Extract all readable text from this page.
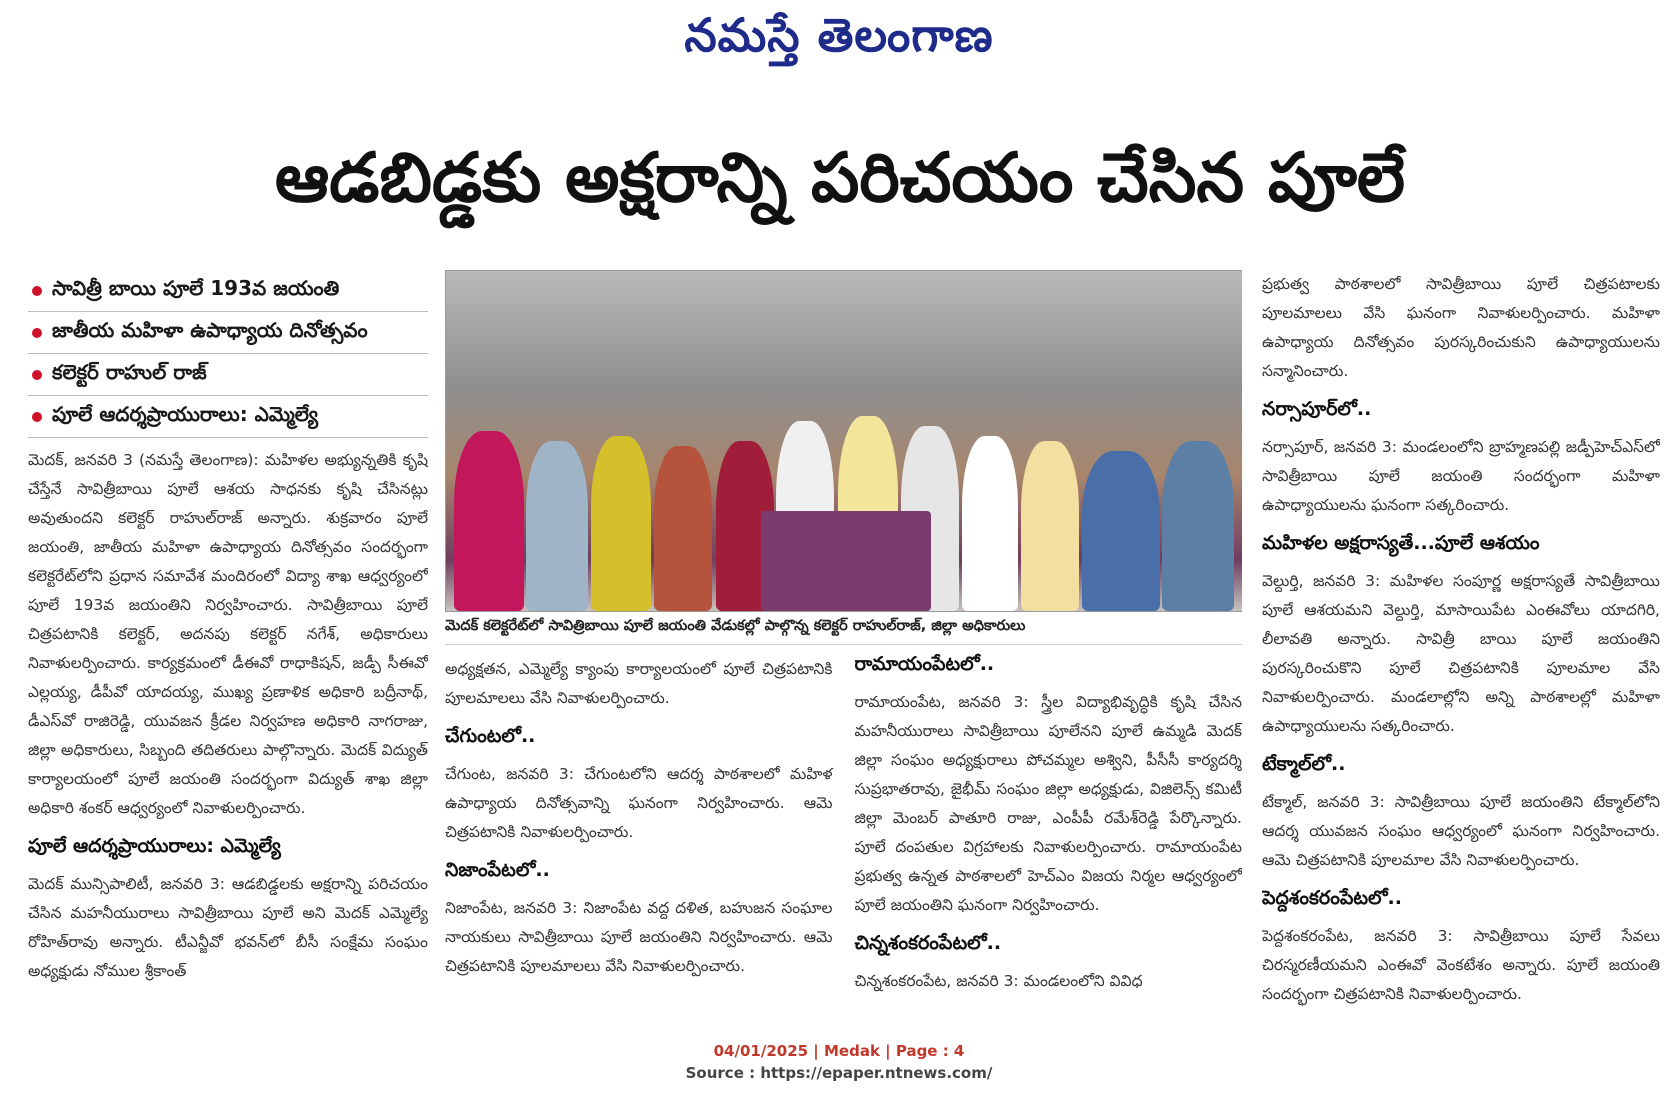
నమస్తే తెలంగాణ
ఆడబిడ్డకు అక్షరాన్ని పరిచయం చేసిన పూలే
సావిత్రీ బాయి పూలే 193వ జయంతి
జాతీయ మహిళా ఉపాధ్యాయ దినోత్సవం
కలెక్టర్ రాహుల్ రాజ్
పూలే ఆదర్శప్రాయురాలు: ఎమ్మెల్యే

మెదక్, జనవరి 3 (నమస్తే తెలంగాణ): మహిళల అభ్యున్నతికి కృషి చేస్తేనే సావిత్రీబాయి పూలే ఆశయ సాధనకు కృషి చేసినట్లు అవుతుందని కలెక్టర్ రాహుల్‌రాజ్ అన్నారు. శుక్రవారం పూలే జయంతి, జాతీయ మహిళా ఉపాధ్యాయ దినోత్సవం సందర్భంగా కలెక్టరేట్‌లోని ప్రధాన సమావేశ మందిరంలో విద్యా శాఖ ఆధ్వర్యంలో పూలే 193వ జయంతిని నిర్వహించారు. సావిత్రీబాయి పూలే చిత్రపటానికి కలెక్టర్, అదనపు కలెక్టర్ నగేశ్, అధికారులు నివాళులర్పించారు. కార్యక్రమంలో డీఈవో రాధాకిషన్, జడ్పీ సీఈవో ఎల్లయ్య, డీపీవో యాదయ్య, ముఖ్య ప్రణాళిక అధికారి బద్రీనాథ్, డీఎస్‌వో రాజిరెడ్డి, యువజన క్రీడల నిర్వహణ అధికారి నాగరాజు, జిల్లా అధికారులు, సిబ్బంది తదితరులు పాల్గొన్నారు. మెదక్ విద్యుత్ కార్యాలయంలో పూలే జయంతి సందర్భంగా విద్యుత్ శాఖ జిల్లా అధికారి శంకర్ ఆధ్వర్యంలో నివాళులర్పించారు.

పూలే ఆదర్శప్రాయురాలు: ఎమ్మెల్యే

మెదక్ మున్సిపాలిటీ, జనవరి 3: ఆడబిడ్డలకు అక్షరాన్ని పరిచయం చేసిన మహనీయురాలు సావిత్రీబాయి పూలే అని మెదక్ ఎమ్మెల్యే రోహిత్‌రావు అన్నారు. టీఎన్జీవో భవన్‌లో బీసీ సంక్షేమ సంఘం అధ్యక్షుడు నోముల శ్రీకాంత్

మెదక్ కలెక్టరేట్‌లో సావిత్రిబాయి పూలే జయంతి వేడుకల్లో పాల్గొన్న కలెక్టర్ రాహుల్‌రాజ్, జిల్లా అధికారులు

అధ్యక్షతన, ఎమ్మెల్యే క్యాంపు కార్యాలయంలో పూలే చిత్రపటానికి పూలమాలలు వేసి నివాళులర్పించారు.

చేగుంటలో..

చేగుంట, జనవరి 3: చేగుంటలోని ఆదర్శ పాఠశాలలో మహిళ ఉపాధ్యాయ దినోత్సవాన్ని ఘనంగా నిర్వహించారు. ఆమె చిత్రపటానికి నివాళులర్పించారు.

నిజాంపేటలో..

నిజాంపేట, జనవరి 3: నిజాంపేట వద్ద దళిత, బహుజన సంఘాల నాయకులు సావిత్రీబాయి పూలే జయంతిని నిర్వహించారు. ఆమె చిత్రపటానికి పూలమాలలు వేసి నివాళులర్పించారు.

రామాయంపేటలో..

రామాయంపేట, జనవరి 3: స్త్రీల విద్యాభివృద్ధికి కృషి చేసిన మహనీయురాలు సావిత్రీబాయి పూలేనని పూలే ఉమ్మడి మెదక్ జిల్లా సంఘం అధ్యక్షురాలు పోచమ్మల అశ్విని, పీసీసీ కార్యదర్శి సుప్రభాతరావు, జైభీమ్ సంఘం జిల్లా అధ్యక్షుడు, విజిలెన్స్ కమిటీ జిల్లా మెంబర్ పాతూరి రాజు, ఎంపీపీ రమేశ్‌రెడ్డి పేర్కొన్నారు. పూలే దంపతుల విగ్రహాలకు నివాళులర్పించారు. రామాయంపేట ప్రభుత్వ ఉన్నత పాఠశాలలో హెచ్‌ఎం విజయ నిర్మల ఆధ్వర్యంలో పూలే జయంతిని ఘనంగా నిర్వహించారు.

చిన్నశంకరంపేటలో..

చిన్నశంకరంపేట, జనవరి 3: మండలంలోని వివిధ

ప్రభుత్వ పాఠశాలలో సావిత్రీబాయి పూలే చిత్రపటాలకు పూలమాలలు వేసి ఘనంగా నివాళులర్పించారు. మహిళా ఉపాధ్యాయ దినోత్సవం పురస్కరించుకుని ఉపాధ్యాయులను సన్మానించారు.

నర్సాపూర్‌లో..

నర్సాపూర్, జనవరి 3: మండలంలోని బ్రాహ్మణపల్లి జడ్పీహెచ్‌ఎస్‌లో సావిత్రీబాయి పూలే జయంతి సందర్భంగా మహిళా ఉపాధ్యాయులను ఘనంగా సత్కరించారు.

మహిళల అక్షరాస్యతే...పూలే ఆశయం

వెల్దుర్తి, జనవరి 3: మహిళల సంపూర్ణ అక్షరాస్యతే సావిత్రీబాయి పూలే ఆశయమని వెల్దుర్తి, మాసాయిపేట ఎంఈవోలు యాదగిరి, లీలావతి అన్నారు. సావిత్రీ బాయి పూలే జయంతిని పురస్కరించుకొని పూలే చిత్రపటానికి పూలమాల వేసి నివాళులర్పించారు. మండలాల్లోని అన్ని పాఠశాలల్లో మహిళా ఉపాధ్యాయులను సత్కరించారు.

టేక్మాల్‌లో..

టేక్మాల్, జనవరి 3: సావిత్రీబాయి పూలే జయంతిని టేక్మాల్‌లోని ఆదర్శ యువజన సంఘం ఆధ్వర్యంలో ఘనంగా నిర్వహించారు. ఆమె చిత్రపటానికి పూలమాల వేసి నివాళులర్పించారు.

పెద్దశంకరంపేటలో..

పెద్దశంకరంపేట, జనవరి 3: సావిత్రీబాయి పూలే సేవలు చిరస్మరణీయమని ఎంఈవో వెంకటేశం అన్నారు. పూలే జయంతి సందర్భంగా చిత్రపటానికి నివాళులర్పించారు.

04/01/2025 | Medak | Page : 4
Source : https://epaper.ntnews.com/
